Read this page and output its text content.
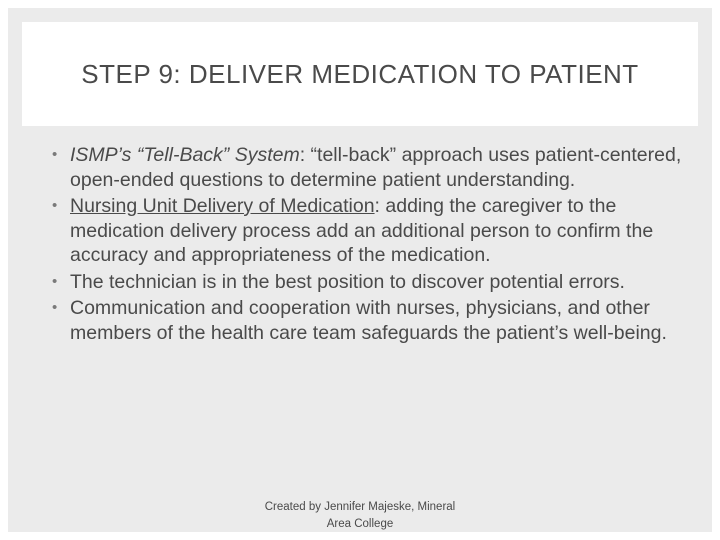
STEP 9: DELIVER MEDICATION TO PATIENT
• ISMP’s “Tell-Back” System: “tell-back” approach uses patient-centered, open-ended questions to determine patient understanding.
• Nursing Unit Delivery of Medication: adding the caregiver to the medication delivery process add an additional person to confirm the accuracy and appropriateness of the medication.
• The technician is in the best position to discover potential errors.
• Communication and cooperation with nurses, physicians, and other members of the health care team safeguards the patient’s well-being.
Created by Jennifer Majeske, Mineral
Area College
